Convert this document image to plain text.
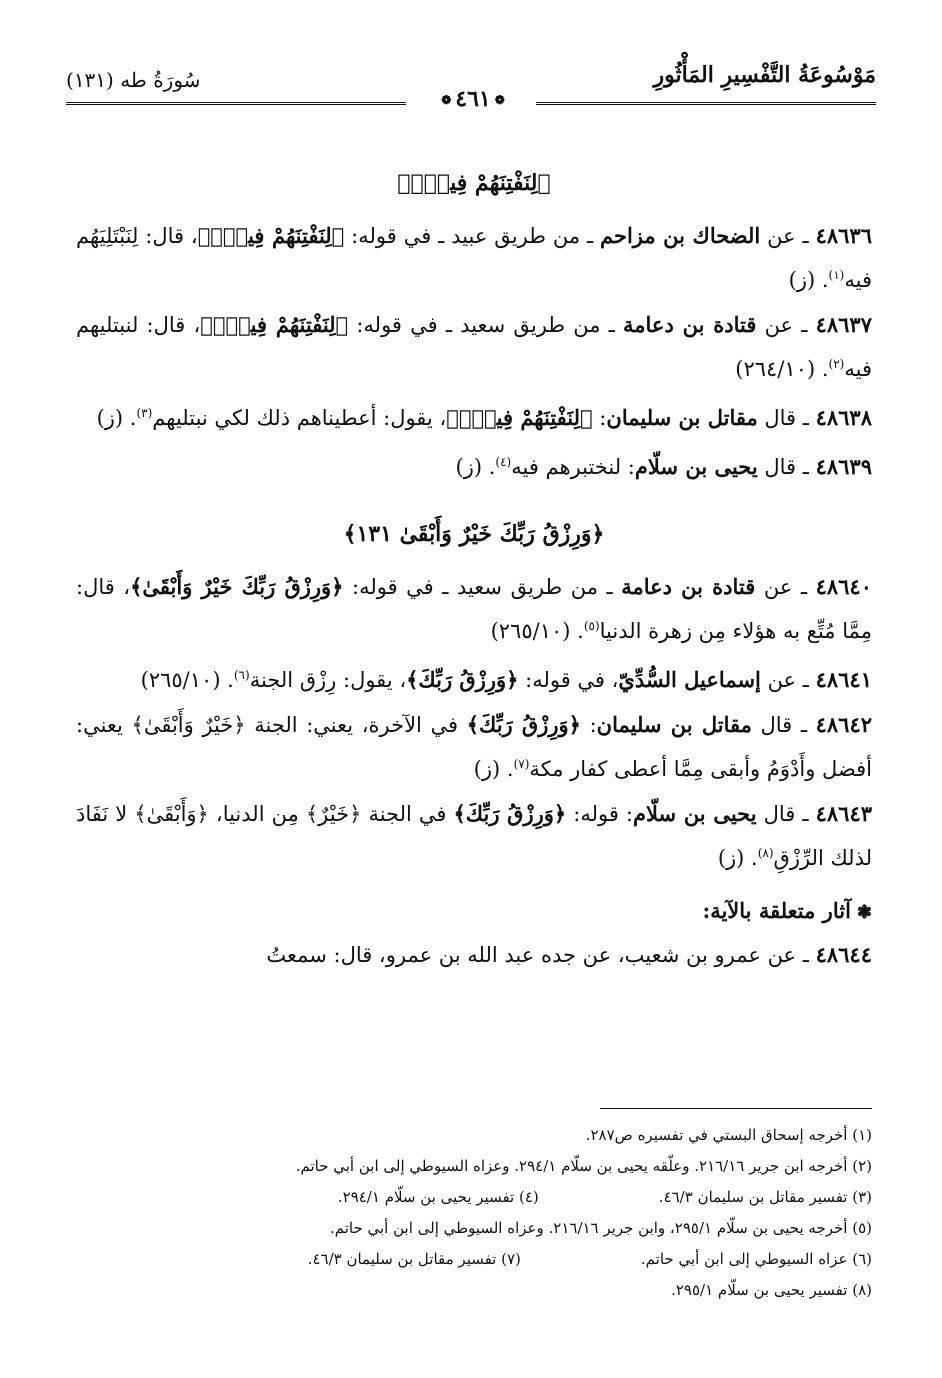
سُورَةُ طه (١٣١)	مَوْسُوعَةُ التَّفْسِيرِ المَأْثُورِ
❁٤٦١❁
﴿لِنَفْتِنَهُمْ فِيهِۚ﴾

٤٨٦٣٦ ـ عن الضحاك بن مزاحم ـ من طريق عبيد ـ في قوله: ﴿لِنَفْتِنَهُمْ فِيهِۚ﴾، قال: لِنَبْتَلِيَهُم فيه$^{(١)}$. (ز)

٤٨٦٣٧ ـ عن قتادة بن دعامة ـ من طريق سعيد ـ في قوله: ﴿لِنَفْتِنَهُمْ فِيهِۚ﴾، قال: لنبتليهم فيه$^{(٢)}$. (٢٦٤/١٠)

٤٨٦٣٨ ـ قال مقاتل بن سليمان: ﴿لِنَفْتِنَهُمْ فِيهِۚ﴾، يقول: أعطيناهم ذلك لكي نبتليهم$^{(٣)}$. (ز)

٤٨٦٣٩ ـ قال يحيى بن سلّام: لنختبرهم فيه$^{(٤)}$. (ز)

﴿وَرِزْقُ رَبِّكَ خَيْرٌ وَأَبْقَىٰ ١٣١﴾

٤٨٦٤٠ ـ عن قتادة بن دعامة ـ من طريق سعيد ـ في قوله: ﴿وَرِزْقُ رَبِّكَ خَيْرٌ وَأَبْقَىٰ﴾، قال: مِمَّا مُتِّع به هؤلاء مِن زهرة الدنيا$^{(٥)}$. (٢٦٥/١٠)

٤٨٦٤١ ـ عن إسماعيل السُّدِّيّ، في قوله: ﴿وَرِزْقُ رَبِّكَ﴾، يقول: رِزْق الجنة$^{(٦)}$. (٢٦٥/١٠)

٤٨٦٤٢ ـ قال مقاتل بن سليمان: ﴿وَرِزْقُ رَبِّكَ﴾ في الآخرة، يعني: الجنة ﴿خَيْرٌ وَأَبْقَىٰ﴾ يعني: أفضل وأَدْوَمُ وأبقى مِمَّا أعطى كفار مكة$^{(٧)}$. (ز)

٤٨٦٤٣ ـ قال يحيى بن سلّام: قوله: ﴿وَرِزْقُ رَبِّكَ﴾ في الجنة ﴿خَيْرٌ﴾ مِن الدنيا، ﴿وَأَبْقَىٰ﴾ لا نَفَادَ لذلك الرِّزْقِ$^{(٨)}$. (ز)

❃آثار متعلقة بالآية:

٤٨٦٤٤ ـ عن عمرو بن شعيب، عن جده عبد الله بن عمرو، قال: سمعتُ

(١) أخرجه إسحاق البستي في تفسيره ص٢٨٧.
(٢) أخرجه ابن جرير ٢١٦/١٦. وعلّقه يحيى بن سلّام ٢٩٤/١. وعزاه السيوطي إلى ابن أبي حاتم.
(٣) تفسير مقاتل بن سليمان ٤٦/٣.
(٤) تفسير يحيى بن سلّام ٢٩٤/١.
(٥) أخرجه يحيى بن سلّام ٢٩٥/١، وابن جرير ٢١٦/١٦. وعزاه السيوطي إلى ابن أبي حاتم.
(٦) عزاه السيوطي إلى ابن أبي حاتم.
(٧) تفسير مقاتل بن سليمان ٤٦/٣.
(٨) تفسير يحيى بن سلّام ٢٩٥/١.
